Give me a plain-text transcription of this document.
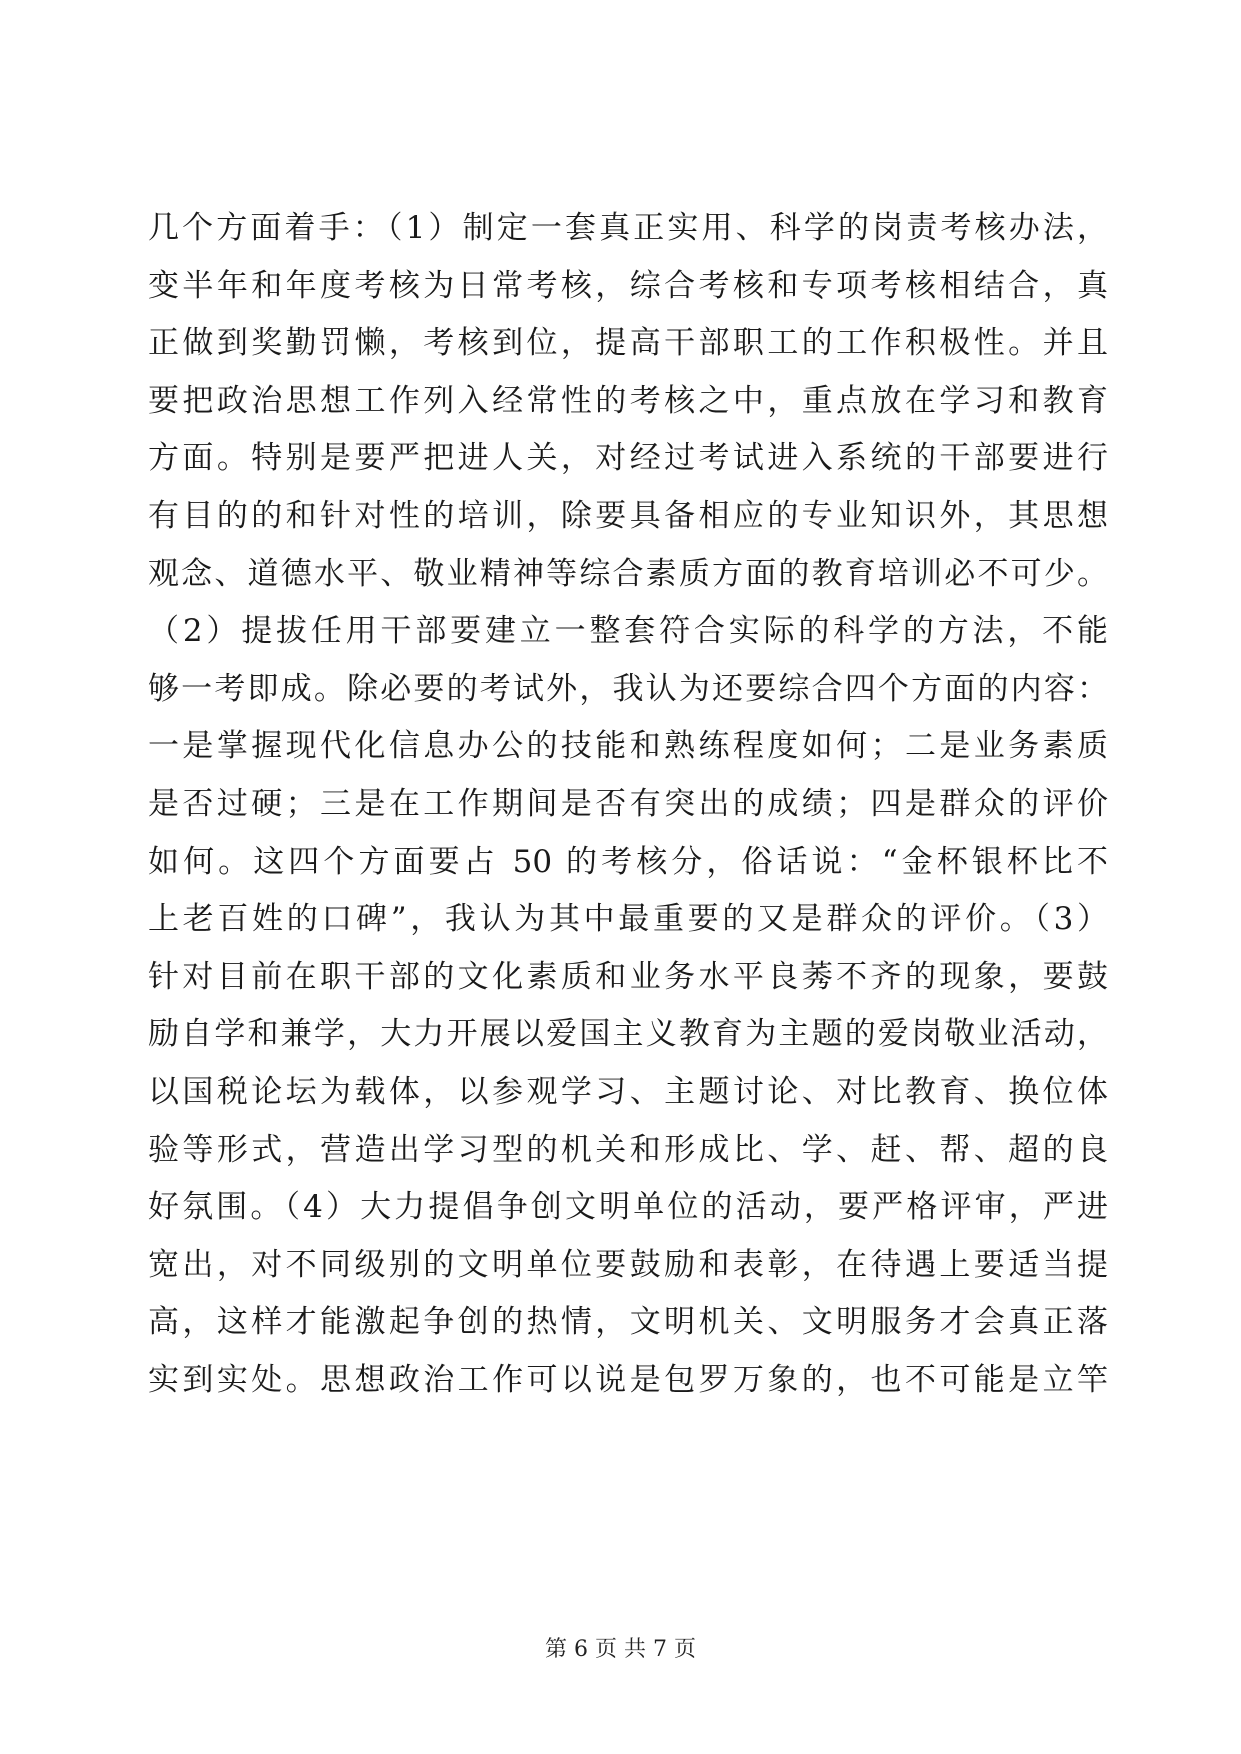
几个方面着手：（1）制定一套真正实用、科学的岗责考核办法，
变半年和年度考核为日常考核，综合考核和专项考核相结合，真
正做到奖勤罚懒，考核到位，提高干部职工的工作积极性。并且
要把政治思想工作列入经常性的考核之中，重点放在学习和教育
方面。特别是要严把进人关，对经过考试进入系统的干部要进行
有目的的和针对性的培训，除要具备相应的专业知识外，其思想
观念、道德水平、敬业精神等综合素质方面的教育培训必不可少。
（2）提拔任用干部要建立一整套符合实际的科学的方法，不能
够一考即成。除必要的考试外，我认为还要综合四个方面的内容：
一是掌握现代化信息办公的技能和熟练程度如何；二是业务素质
是否过硬；三是在工作期间是否有突出的成绩；四是群众的评价
如何。这四个方面要占 50 的考核分，俗话说：“金杯银杯比不
上老百姓的口碑”，我认为其中最重要的又是群众的评价。（3）
针对目前在职干部的文化素质和业务水平良莠不齐的现象，要鼓
励自学和兼学，大力开展以爱国主义教育为主题的爱岗敬业活动，
以国税论坛为载体，以参观学习、主题讨论、对比教育、换位体
验等形式，营造出学习型的机关和形成比、学、赶、帮、超的良
好氛围。（4）大力提倡争创文明单位的活动，要严格评审，严进
宽出，对不同级别的文明单位要鼓励和表彰，在待遇上要适当提
高，这样才能激起争创的热情，文明机关、文明服务才会真正落
实到实处。思想政治工作可以说是包罗万象的，也不可能是立竿
第 6 页 共 7 页
